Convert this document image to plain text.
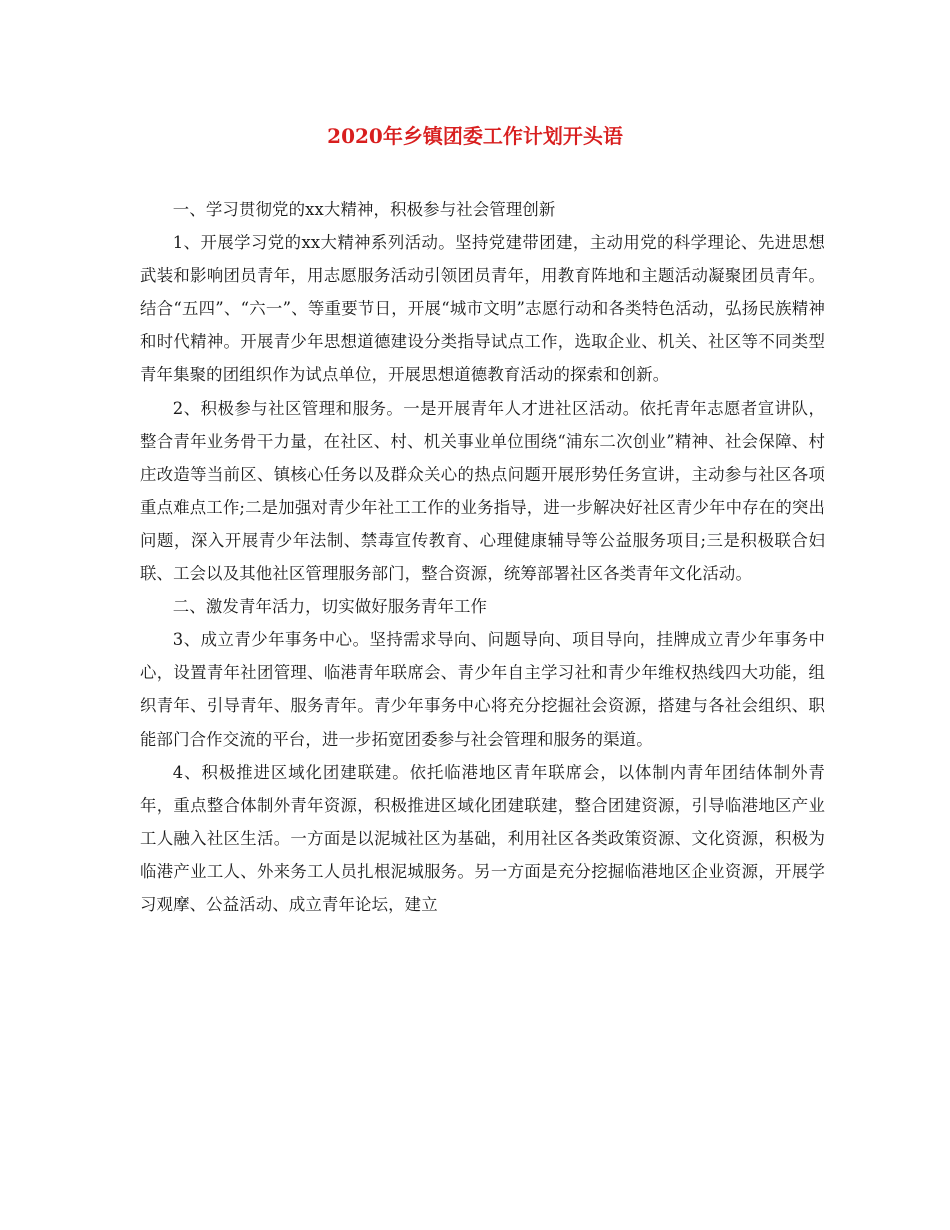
2020年乡镇团委工作计划开头语

一、学习贯彻党的xx大精神，积极参与社会管理创新

1、开展学习党的xx大精神系列活动。坚持党建带团建，主动用党的科学理论、先进思想武装和影响团员青年，用志愿服务活动引领团员青年，用教育阵地和主题活动凝聚团员青年。结合“五四”、“六一”、等重要节日，开展“城市文明”志愿行动和各类特色活动，弘扬民族精神和时代精神。开展青少年思想道德建设分类指导试点工作，选取企业、机关、社区等不同类型青年集聚的团组织作为试点单位，开展思想道德教育活动的探索和创新。

2、积极参与社区管理和服务。一是开展青年人才进社区活动。依托青年志愿者宣讲队，整合青年业务骨干力量，在社区、村、机关事业单位围绕“浦东二次创业”精神、社会保障、村庄改造等当前区、镇核心任务以及群众关心的热点问题开展形势任务宣讲，主动参与社区各项重点难点工作;二是加强对青少年社工工作的业务指导，进一步解决好社区青少年中存在的突出问题，深入开展青少年法制、禁毒宣传教育、心理健康辅导等公益服务项目;三是积极联合妇联、工会以及其他社区管理服务部门，整合资源，统筹部署社区各类青年文化活动。

二、激发青年活力，切实做好服务青年工作

3、成立青少年事务中心。坚持需求导向、问题导向、项目导向，挂牌成立青少年事务中心，设置青年社团管理、临港青年联席会、青少年自主学习社和青少年维权热线四大功能，组织青年、引导青年、服务青年。青少年事务中心将充分挖掘社会资源，搭建与各社会组织、职能部门合作交流的平台，进一步拓宽团委参与社会管理和服务的渠道。

4、积极推进区域化团建联建。依托临港地区青年联席会，以体制内青年团结体制外青年，重点整合体制外青年资源，积极推进区域化团建联建，整合团建资源，引导临港地区产业工人融入社区生活。一方面是以泥城社区为基础，利用社区各类政策资源、文化资源，积极为临港产业工人、外来务工人员扎根泥城服务。另一方面是充分挖掘临港地区企业资源，开展学习观摩、公益活动、成立青年论坛，建立
